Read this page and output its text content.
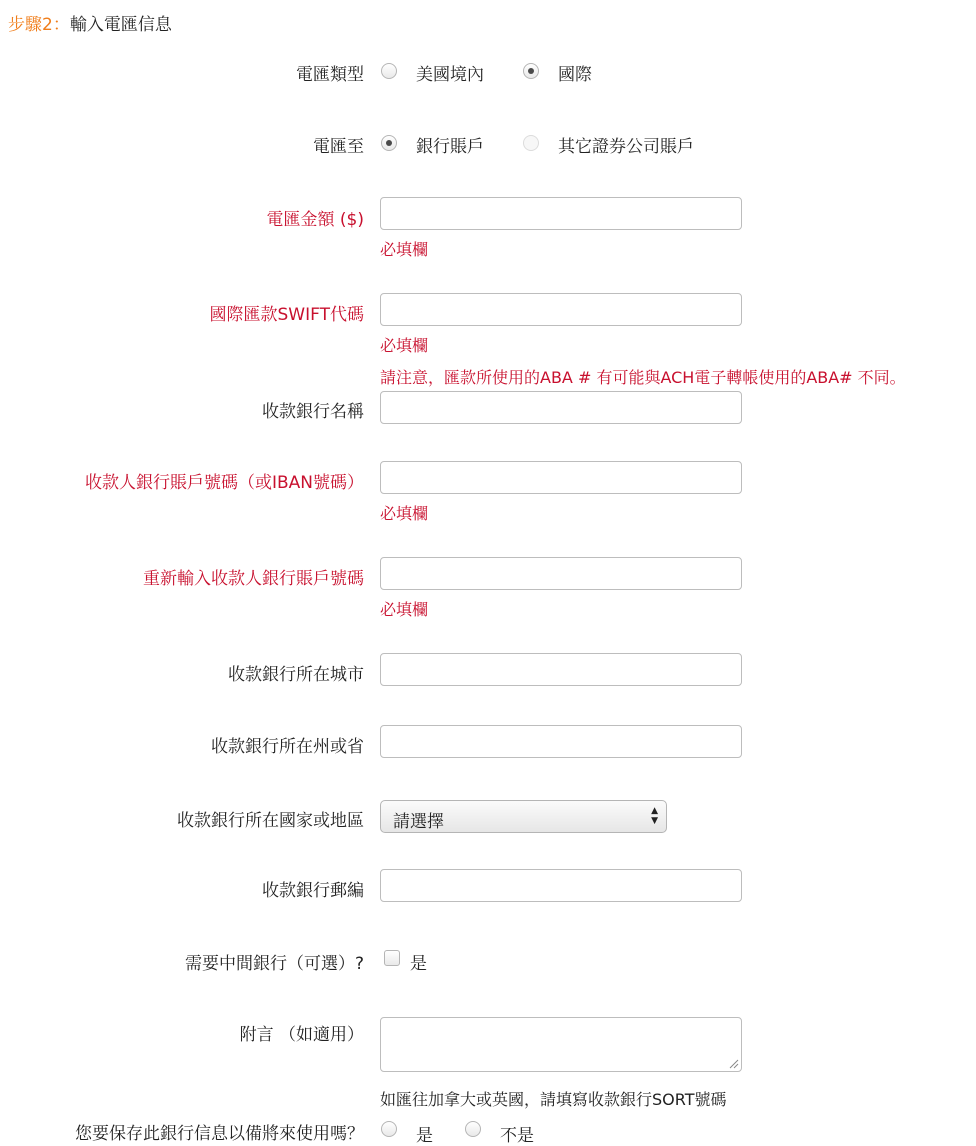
步驟2：輸入電匯信息
電匯類型	美國境內	國際
電匯至	銀行賬戶	其它證券公司賬戶
電匯金額 ($)
必填欄
國際匯款SWIFT代碼
必填欄
請注意，匯款所使用的ABA # 有可能與ACH電子轉帳使用的ABA# 不同。
收款銀行名稱
收款人銀行賬戶號碼（或IBAN號碼）
必填欄
重新輸入收款人銀行賬戶號碼
必填欄
收款銀行所在城市
收款銀行所在州或省
收款銀行所在國家或地區	請選擇
▲
▼
收款銀行郵編
需要中間銀行（可選）?	是
附言 （如適用）
如匯往加拿大或英國，請填寫收款銀行SORT號碼
您要保存此銀行信息以備將來使用嗎？	是	不是
